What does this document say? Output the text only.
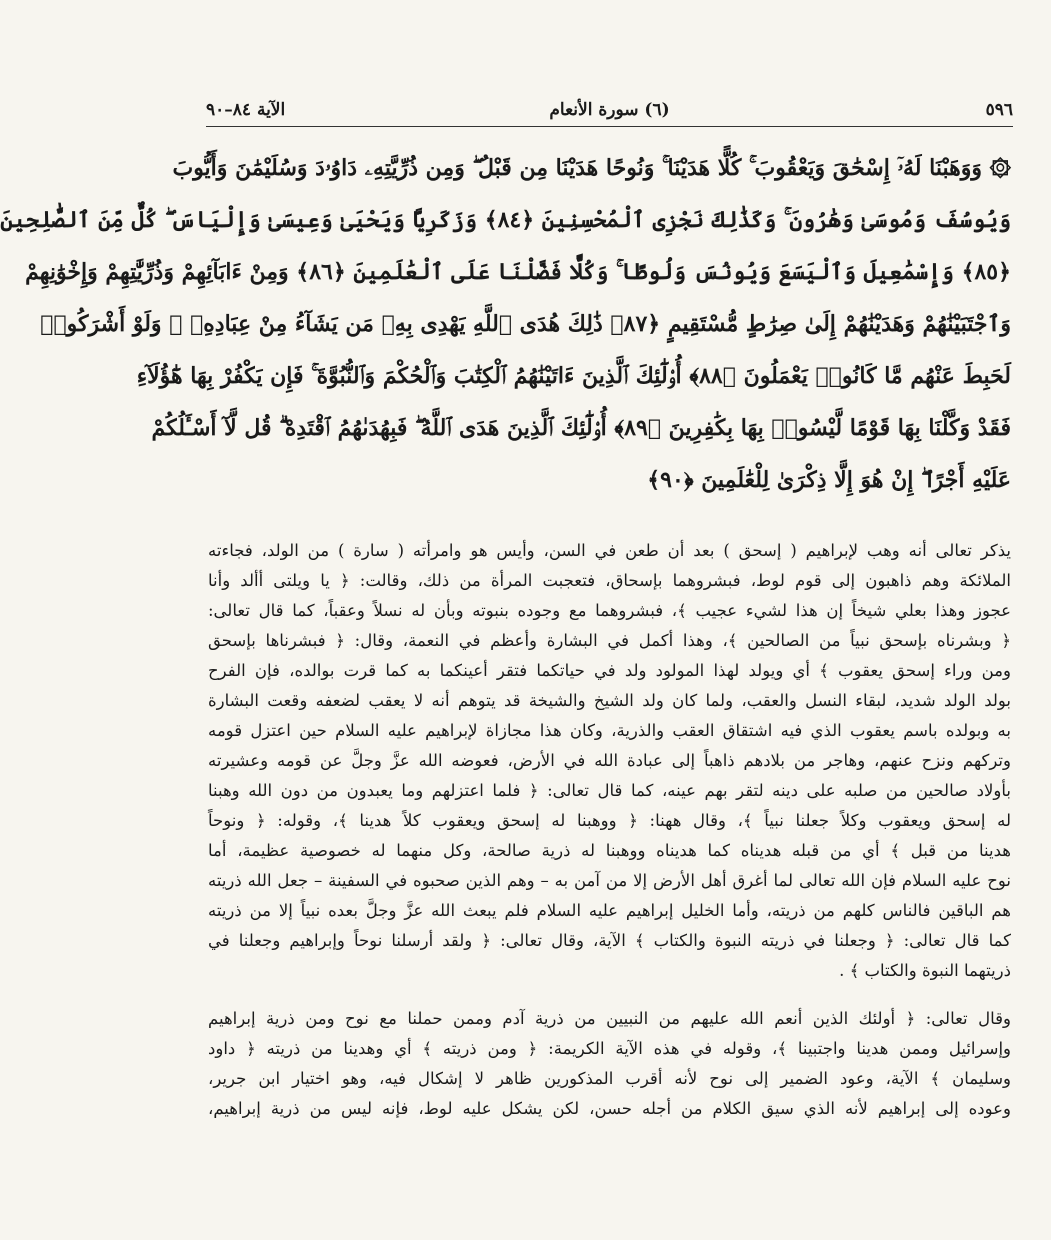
(٦) سورة الأنعام	٥٩٦
الآية ٨٤–٩٠
۞ وَوَهَبْنَا لَهُۥٓ إِسْحَٰقَ وَيَعْقُوبَ ۚ كُلًّا هَدَيْنَا ۚ وَنُوحًا هَدَيْنَا مِن قَبْلُ ۖ وَمِن ذُرِّيَّتِهِۦ دَاوُۥدَ وَسُلَيْمَٰنَ وَأَيُّوبَ
وَيُوسُفَ وَمُوسَىٰ وَهَٰرُونَ ۚ وَكَذَٰلِكَ نَجْزِى ٱلْمُحْسِنِينَ ﴿٨٤﴾ وَزَكَرِيَّا وَيَحْيَىٰ وَعِيسَىٰ وَإِلْيَاسَ ۖ كُلٌّ مِّنَ ٱلصَّٰلِحِينَ
﴿٨٥﴾ وَإِسْمَٰعِيلَ وَٱلْيَسَعَ وَيُونُسَ وَلُوطًا ۚ وَكُلًّا فَضَّلْنَا عَلَى ٱلْعَٰلَمِينَ ﴿٨٦﴾ وَمِنْ ءَابَآئِهِمْ وَذُرِّيَّٰتِهِمْ وَإِخْوَٰنِهِمْ
وَٱجْتَبَيْنَٰهُمْ وَهَدَيْنَٰهُمْ إِلَىٰ صِرَٰطٍ مُّسْتَقِيمٍ ﴿٨٧﴾ ذَٰلِكَ هُدَى ٱللَّهِ يَهْدِى بِهِۦ مَن يَشَآءُ مِنْ عِبَادِهِۦ ۚ وَلَوْ أَشْرَكُوا۟
لَحَبِطَ عَنْهُم مَّا كَانُوا۟ يَعْمَلُونَ ﴿٨٨﴾ أُو۟لَٰٓئِكَ ٱلَّذِينَ ءَاتَيْنَٰهُمُ ٱلْكِتَٰبَ وَٱلْحُكْمَ وَٱلنُّبُوَّةَ ۚ فَإِن يَكْفُرْ بِهَا هَٰٓؤُلَآءِ
فَقَدْ وَكَّلْنَا بِهَا قَوْمًا لَّيْسُوا۟ بِهَا بِكَٰفِرِينَ ﴿٨٩﴾ أُو۟لَٰٓئِكَ ٱلَّذِينَ هَدَى ٱللَّهُ ۖ فَبِهُدَىٰهُمُ ٱقْتَدِهْ ۗ قُل لَّآ أَسْـَٔلُكُمْ
عَلَيْهِ أَجْرًا ۖ إِنْ هُوَ إِلَّا ذِكْرَىٰ لِلْعَٰلَمِينَ ﴿٩٠﴾
يذكر تعالى أنه وهب لإبراهيم ( إسحق ) بعد أن طعن في السن، وأيس هو وامرأته ( سارة ) من الولد، فجاءته
الملائكة وهم ذاهبون إلى قوم لوط، فبشروهما بإسحاق، فتعجبت المرأة من ذلك، وقالت: ﴿ يا ويلتى أألد وأنا
عجوز وهذا بعلي شيخاً إن هذا لشيء عجيب ﴾، فبشروهما مع وجوده بنبوته وبأن له نسلاً وعقباً، كما قال تعالى:
﴿ وبشرناه بإسحق نبياً من الصالحين ﴾، وهذا أكمل في البشارة وأعظم في النعمة، وقال: ﴿ فبشرناها بإسحق
ومن وراء إسحق يعقوب ﴾ أي ويولد لهذا المولود ولد في حياتكما فتقر أعينكما به كما قرت بوالده، فإن الفرح
بولد الولد شديد، لبقاء النسل والعقب، ولما كان ولد الشيخ والشيخة قد يتوهم أنه لا يعقب لضعفه وقعت البشارة
به وبولده باسم يعقوب الذي فيه اشتقاق العقب والذرية، وكان هذا مجازاة لإبراهيم عليه السلام حين اعتزل قومه
وتركهم ونزح عنهم، وهاجر من بلادهم ذاهباً إلى عبادة الله في الأرض، فعوضه الله عزَّ وجلَّ عن قومه وعشيرته
بأولاد صالحين من صلبه على دينه لتقر بهم عينه، كما قال تعالى: ﴿ فلما اعتزلهم وما يعبدون من دون الله وهبنا
له إسحق ويعقوب وكلاً جعلنا نبياً ﴾، وقال ههنا: ﴿ ووهبنا له إسحق ويعقوب كلاً هدينا ﴾، وقوله: ﴿ ونوحاً
هدينا من قبل ﴾ أي من قبله هديناه كما هديناه ووهبنا له ذرية صالحة، وكل منهما له خصوصية عظيمة، أما
نوح عليه السلام فإن الله تعالى لما أغرق أهل الأرض إلا من آمن به – وهم الذين صحبوه في السفينة – جعل الله ذريته
هم الباقين فالناس كلهم من ذريته، وأما الخليل إبراهيم عليه السلام فلم يبعث الله عزَّ وجلَّ بعده نبياً إلا من ذريته
كما قال تعالى: ﴿ وجعلنا في ذريته النبوة والكتاب ﴾ الآية، وقال تعالى: ﴿ ولقد أرسلنا نوحاً وإبراهيم وجعلنا في
ذريتهما النبوة والكتاب ﴾ .
وقال تعالى: ﴿ أولئك الذين أنعم الله عليهم من النبيين من ذرية آدم وممن حملنا مع نوح ومن ذرية إبراهيم
وإسرائيل وممن هدينا واجتبينا ﴾، وقوله في هذه الآية الكريمة: ﴿ ومن ذريته ﴾ أي وهدينا من ذريته ﴿ داود
وسليمان ﴾ الآية، وعود الضمير إلى نوح لأنه أقرب المذكورين ظاهر لا إشكال فيه، وهو اختيار ابن جرير،
وعوده إلى إبراهيم لأنه الذي سيق الكلام من أجله حسن، لكن يشكل عليه لوط، فإنه ليس من ذرية إبراهيم،
